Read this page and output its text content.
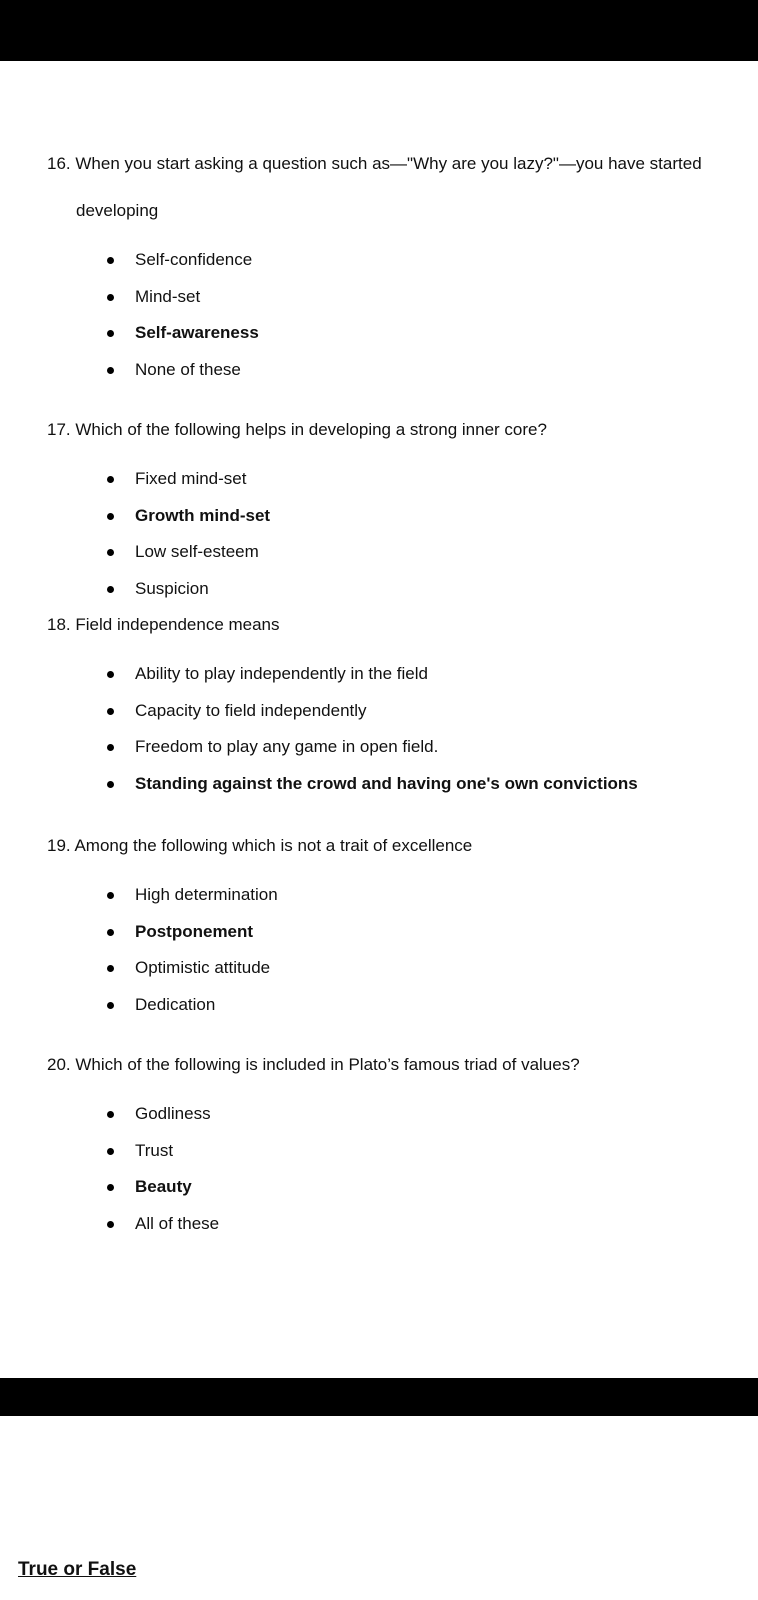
16. When you start asking a question such as—"Why are you lazy?"—you have started

developing
Self-confidence
Mind-set
Self-awareness
None of these

17. Which of the following helps in developing a strong inner core?

Fixed mind-set
Growth mind-set
Low self-esteem
Suspicion

18. Field independence means

Ability to play independently in the field
Capacity to field independently
Freedom to play any game in open field.
Standing against the crowd and having one's own convictions

19. Among the following which is not a trait of excellence

High determination
Postponement
Optimistic attitude
Dedication

20. Which of the following is included in Plato’s famous triad of values?

Godliness
Trust
Beauty
All of these
True or False
